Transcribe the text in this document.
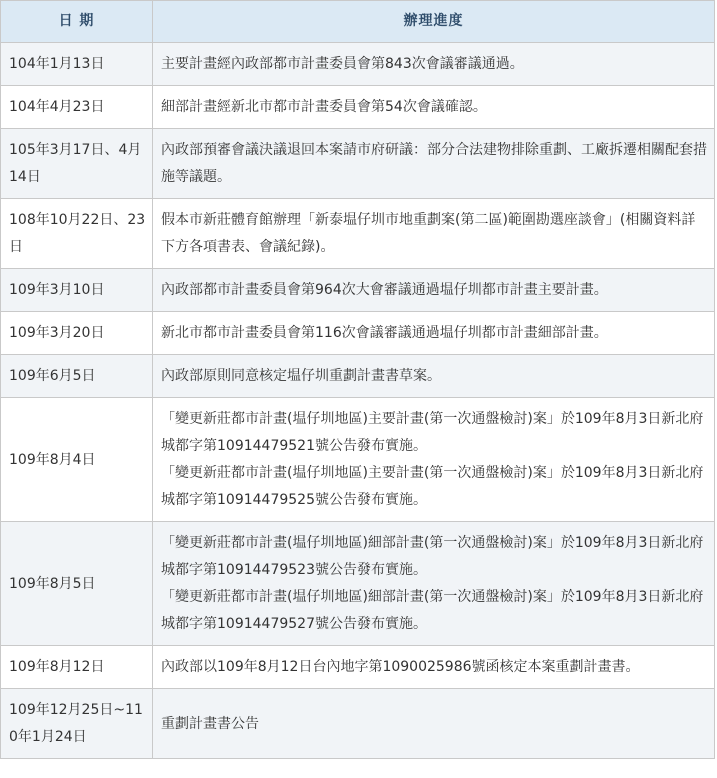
日 期	辦理進度
104年1月13日	主要計畫經內政部都市計畫委員會第843次會議審議通過。

104年4月23日	細部計畫經新北市都市計畫委員會第54次會議確認。

105年3月17日、4月14日	內政部預審會議決議退回本案請市府研議：部分合法建物排除重劃、工廠拆遷相關配套措施等議題。

108年10月22日、23日	假本市新莊體育館辦理「新泰塭仔圳市地重劃案(第二區)範圍勘選座談會」(相關資料詳下方各項書表、會議紀錄)。

109年3月10日	內政部都市計畫委員會第964次大會審議通過塭仔圳都市計畫主要計畫。

109年3月20日	新北市都市計畫委員會第116次會議審議通過塭仔圳都市計畫細部計畫。

109年6月5日	內政部原則同意核定塭仔圳重劃計畫書草案。

109年8月4日	「變更新莊都市計畫(塭仔圳地區)主要計畫(第一次通盤檢討)案」於109年8月3日新北府城都字第10914479521號公告發布實施。
「變更新莊都市計畫(塭仔圳地區)主要計畫(第一次通盤檢討)案」於109年8月3日新北府城都字第10914479525號公告發布實施。

109年8月5日	「變更新莊都市計畫(塭仔圳地區)細部計畫(第一次通盤檢討)案」於109年8月3日新北府城都字第10914479523號公告發布實施。
「變更新莊都市計畫(塭仔圳地區)細部計畫(第一次通盤檢討)案」於109年8月3日新北府城都字第10914479527號公告發布實施。

109年8月12日	內政部以109年8月12日台內地字第1090025986號函核定本案重劃計畫書。

109年12月25日~110年1月24日	重劃計畫書公告
